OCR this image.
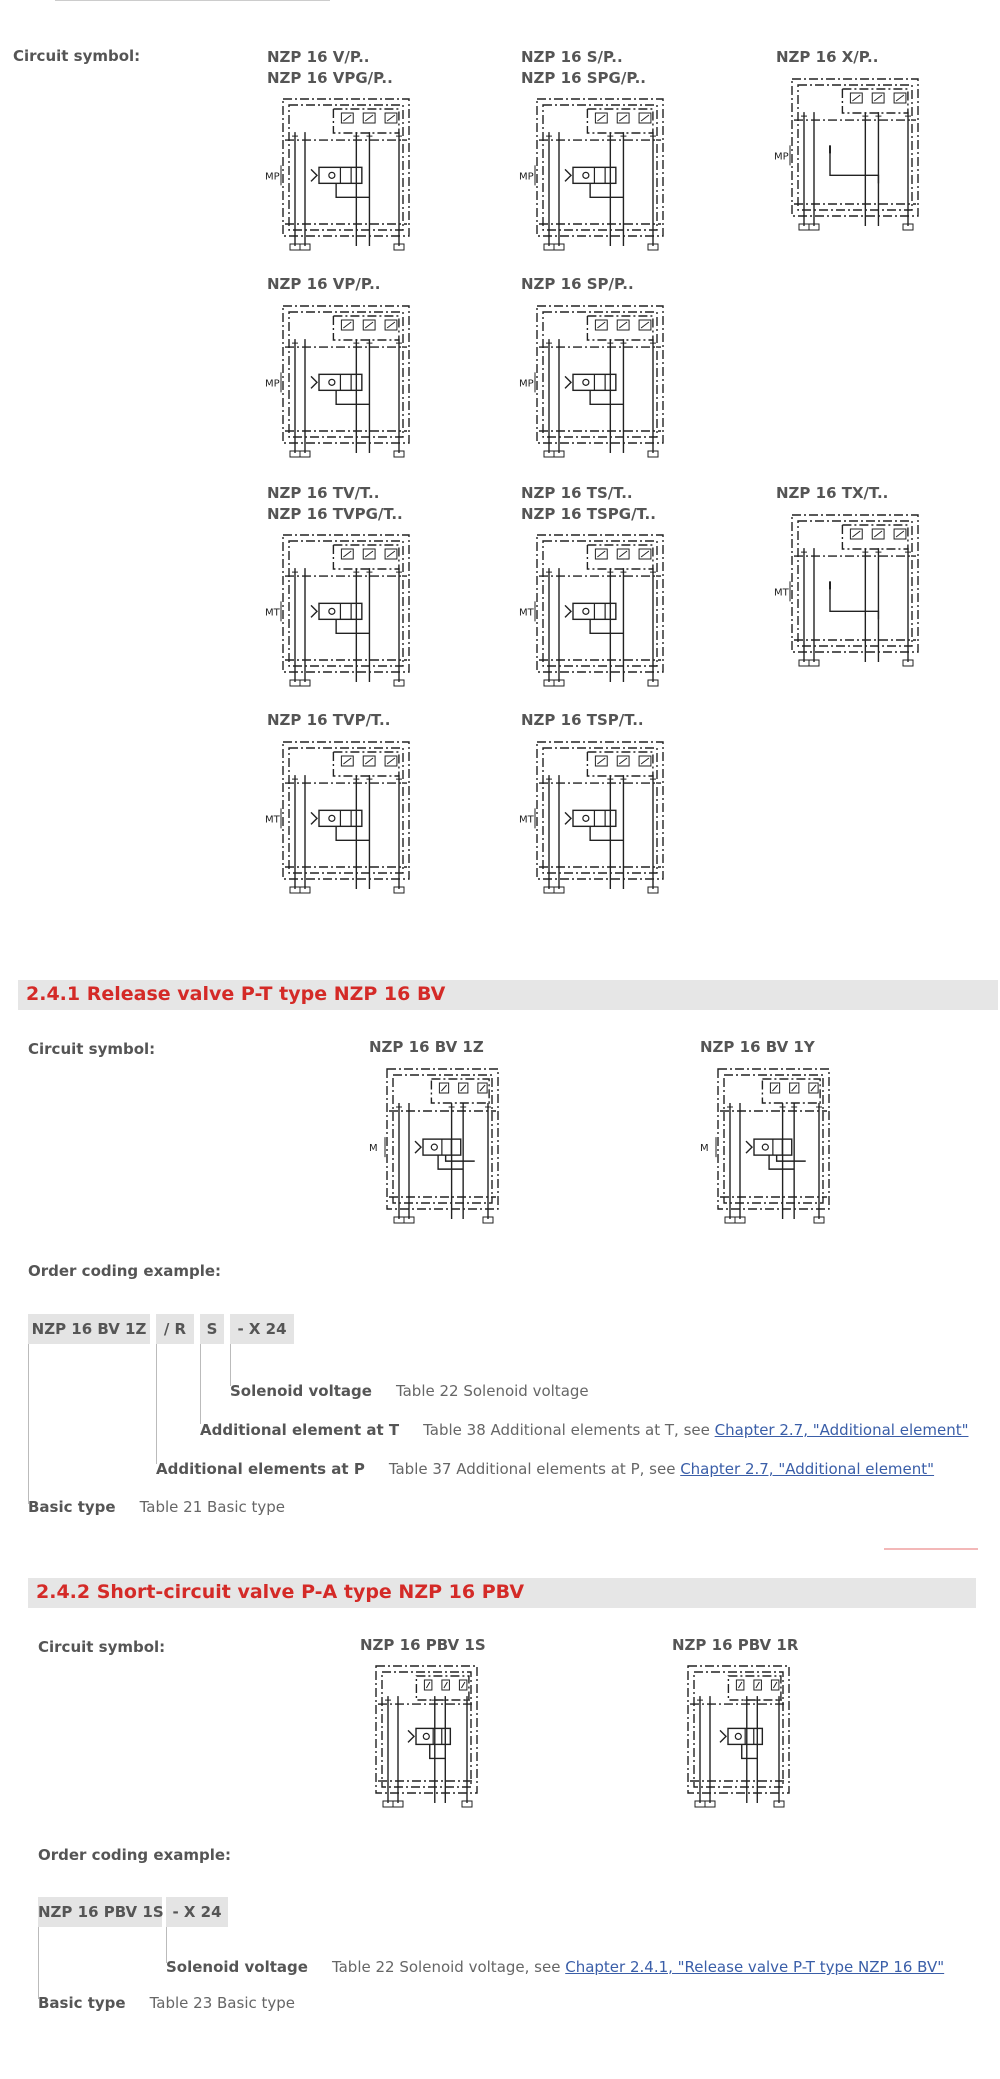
Circuit symbol:	NZP 16 V/P..
NZP 16 VPG/P..
MP
NZP 16 S/P..
NZP 16 SPG/P..
MP
NZP 16 X/P..
MP
NZP 16 VP/P..
MP
NZP 16 SP/P..
MP
NZP 16 TV/T..
NZP 16 TVPG/T..
MT
NZP 16 TS/T..
NZP 16 TSPG/T..
MT
NZP 16 TX/T..
MT
NZP 16 TVP/T..
MT
NZP 16 TSP/T..
MT
2.4.1 Release valve P-T type NZP 16 BV
Circuit symbol:	NZP 16 BV 1Z
M
NZP 16 BV 1Y
M
Order coding example:
NZP 16 BV 1Z	/ R	S	- X 24
Solenoid voltage Table 22 Solenoid voltage
Additional element at T Table 38 Additional elements at T, see Chapter 2.7, "Additional element"
Additional elements at P Table 37 Additional elements at P, see Chapter 2.7, "Additional element"
Basic type Table 21 Basic type
2.4.2 Short-circuit valve P-A type NZP 16 PBV
Circuit symbol:	NZP 16 PBV 1S	NZP 16 PBV 1R
Order coding example:
NZP 16 PBV 1S - X 24
Solenoid voltage Table 22 Solenoid voltage, see Chapter 2.4.1, "Release valve P-T type NZP 16 BV"
Basic type Table 23 Basic type
